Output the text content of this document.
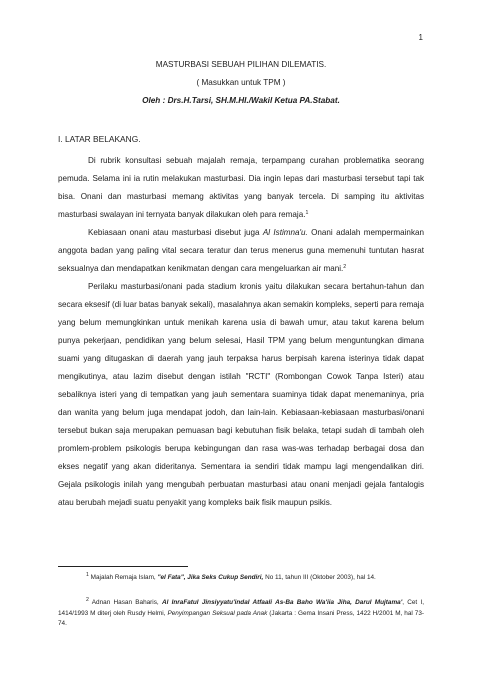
1
MASTURBASI SEBUAH PILIHAN DILEMATIS.
( Masukkan untuk TPM )
Oleh : Drs.H.Tarsi, SH.M.HI./Wakil Ketua PA.Stabat.
I. LATAR BELAKANG.

Di rubrik konsultasi sebuah majalah remaja, terpampang curahan problematika seorang pemuda. Selama ini ia rutin melakukan masturbasi. Dia ingin lepas dari masturbasi tersebut tapi tak bisa. Onani dan masturbasi memang aktivitas yang banyak tercela. Di samping itu aktivitas masturbasi swalayan ini ternyata banyak dilakukan oleh para remaja.$^1$

Kebiasaan onani atau masturbasi disebut juga Al Istimna'u. Onani adalah mempermainkan anggota badan yang paling vital secara teratur dan terus menerus guna memenuhi tuntutan hasrat seksualnya dan mendapatkan kenikmatan dengan cara mengeluarkan air mani.$^2$

Perilaku masturbasi/onani pada stadium kronis yaitu dilakukan secara bertahun-tahun dan secara eksesif (di luar batas banyak sekali), masalahnya akan semakin kompleks, seperti para remaja yang belum memungkinkan untuk menikah karena usia di bawah umur, atau takut karena belum punya pekerjaan, pendidikan yang belum selesai, Hasil TPM yang belum menguntungkan dimana suami yang ditugaskan di daerah yang jauh terpaksa harus berpisah karena isterinya tidak dapat mengikutinya, atau lazim disebut dengan istilah "RCTI" (Rombongan Cowok Tanpa Isteri) atau sebaliknya isteri yang di tempatkan yang jauh sementara suaminya tidak dapat menemaninya, pria dan wanita yang belum juga mendapat jodoh, dan lain-lain. Kebiasaan-kebiasaan masturbasi/onani tersebut bukan saja merupakan pemuasan bagi kebutuhan fisik belaka, tetapi sudah di tambah oleh promlem-problem psikologis berupa kebingungan dan rasa was-was terhadap berbagai dosa dan ekses negatif yang akan dideritanya. Sementara ia sendiri tidak mampu lagi mengendalikan diri. Gejala psikologis inilah yang mengubah perbuatan masturbasi atau onani menjadi gejala fantalogis atau berubah mejadi suatu penyakit yang kompleks baik fisik maupun psikis.

$^1$ Majalah Remaja Islam, "el Fata", Jika Seks Cukup Sendiri, No 11, tahun III (Oktober 2003), hal 14.
$^2$ Adnan Hasan Baharis, Al InraFatul Jinsiyyatu'indal Atfaali As-Ba Baho Wa'iia Jiha, Darul Mujtama', Cet I, 1414/1993 M diterj oleh Rusdy Helmi, Penyimpangan Seksual pada Anak (Jakarta : Gema Insani Press, 1422 H/2001 M, hal 73-74.
